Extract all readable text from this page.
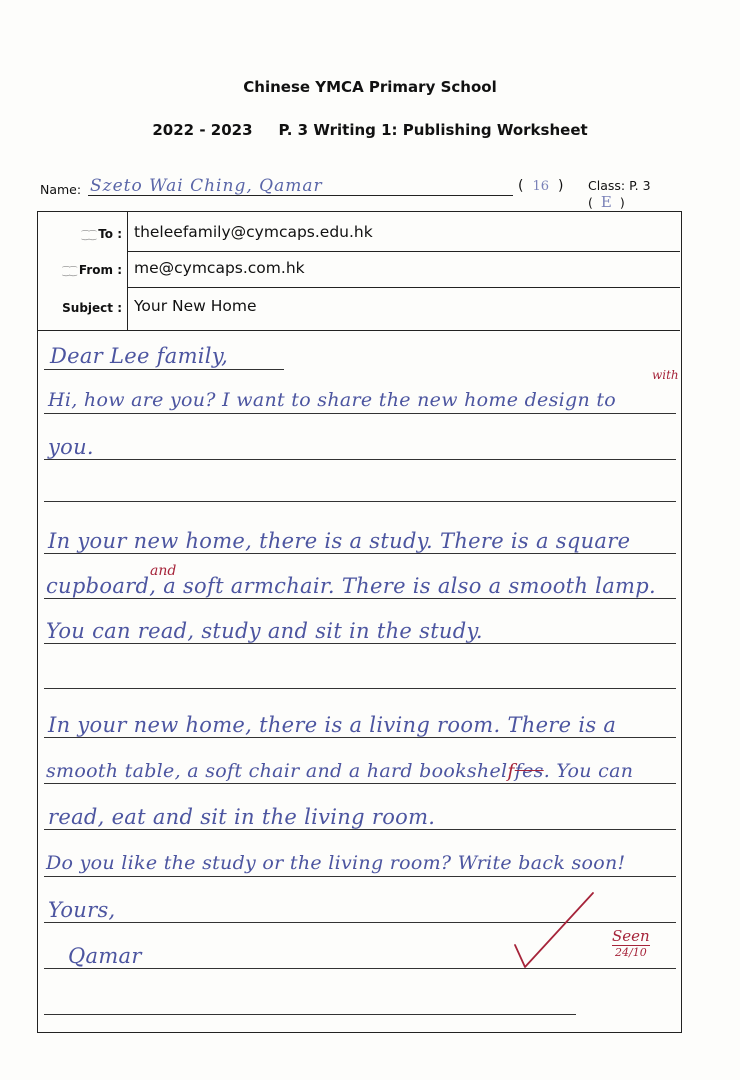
Chinese YMCA Primary School
2022 - 2023 P. 3 Writing 1: Publishing Worksheet
Name: Szeto Wai Ching, Qamar	( 16 ) Class: P. 3 ( E )
⁐⁐ To : theleefamily@cymcaps.edu.hk
⁐⁐ From : me@cymcaps.com.hk
Subject : Your New Home
Dear Lee family,
with
Hi, how are you? I want to share the new home design to
you.
In your new home, there is a study. There is a square
and
cupboard, a soft armchair. There is also a smooth lamp.
You can read, study and sit in the study.
In your new home, there is a living room. There is a
smooth table, a soft chair and a hard bookshelffes. You can
read, eat and sit in the living room.
Do you like the study or the living room? Write back soon!
Yours,
Qamar
Seen
24/10
